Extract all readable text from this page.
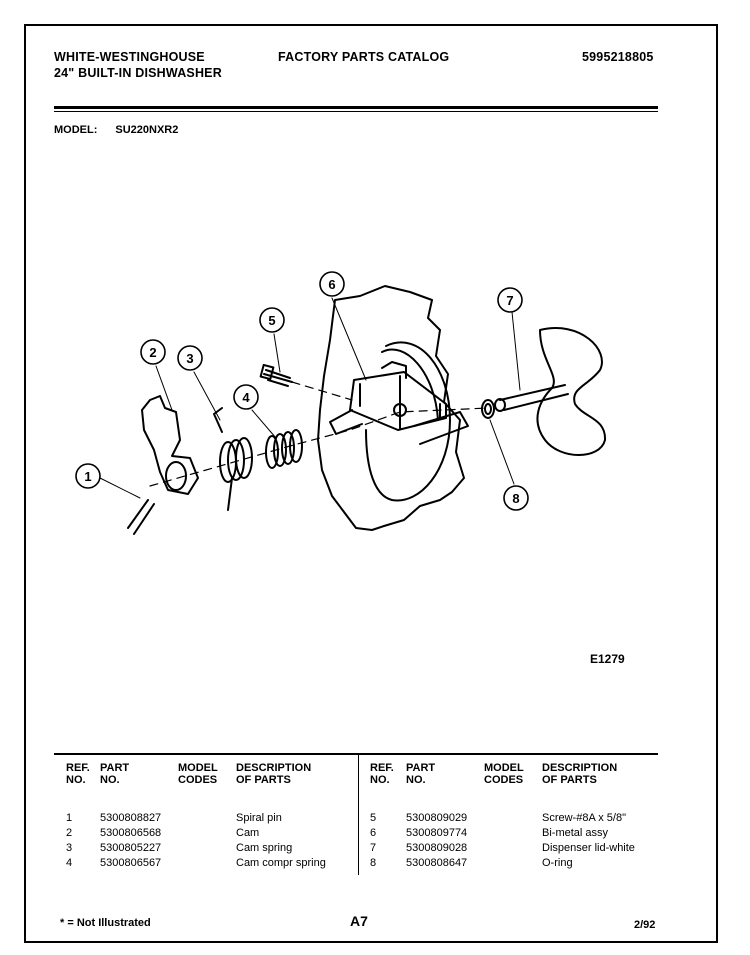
WHITE-WESTINGHOUSE
24" BUILT-IN DISHWASHER
FACTORY PARTS CATALOG	5995218805
MODEL: SU220NXR2
1
2 3
4
5
6
7
8
E1279
REF.
NO.
PART
NO.
MODEL
CODES
DESCRIPTION
OF PARTS
1	5300808827	Spiral pin
2	5300806568	Cam
3	5300805227	Cam spring
4	5300806567	Cam compr spring
REF.
NO.
PART
NO.
MODEL
CODES
DESCRIPTION
OF PARTS
5	5300809029	Screw-#8A x 5/8"
6	5300809774	Bi-metal assy
7	5300809028	Dispenser lid-white
8	5300808647	O-ring
* = Not Illustrated	A7	2/92
